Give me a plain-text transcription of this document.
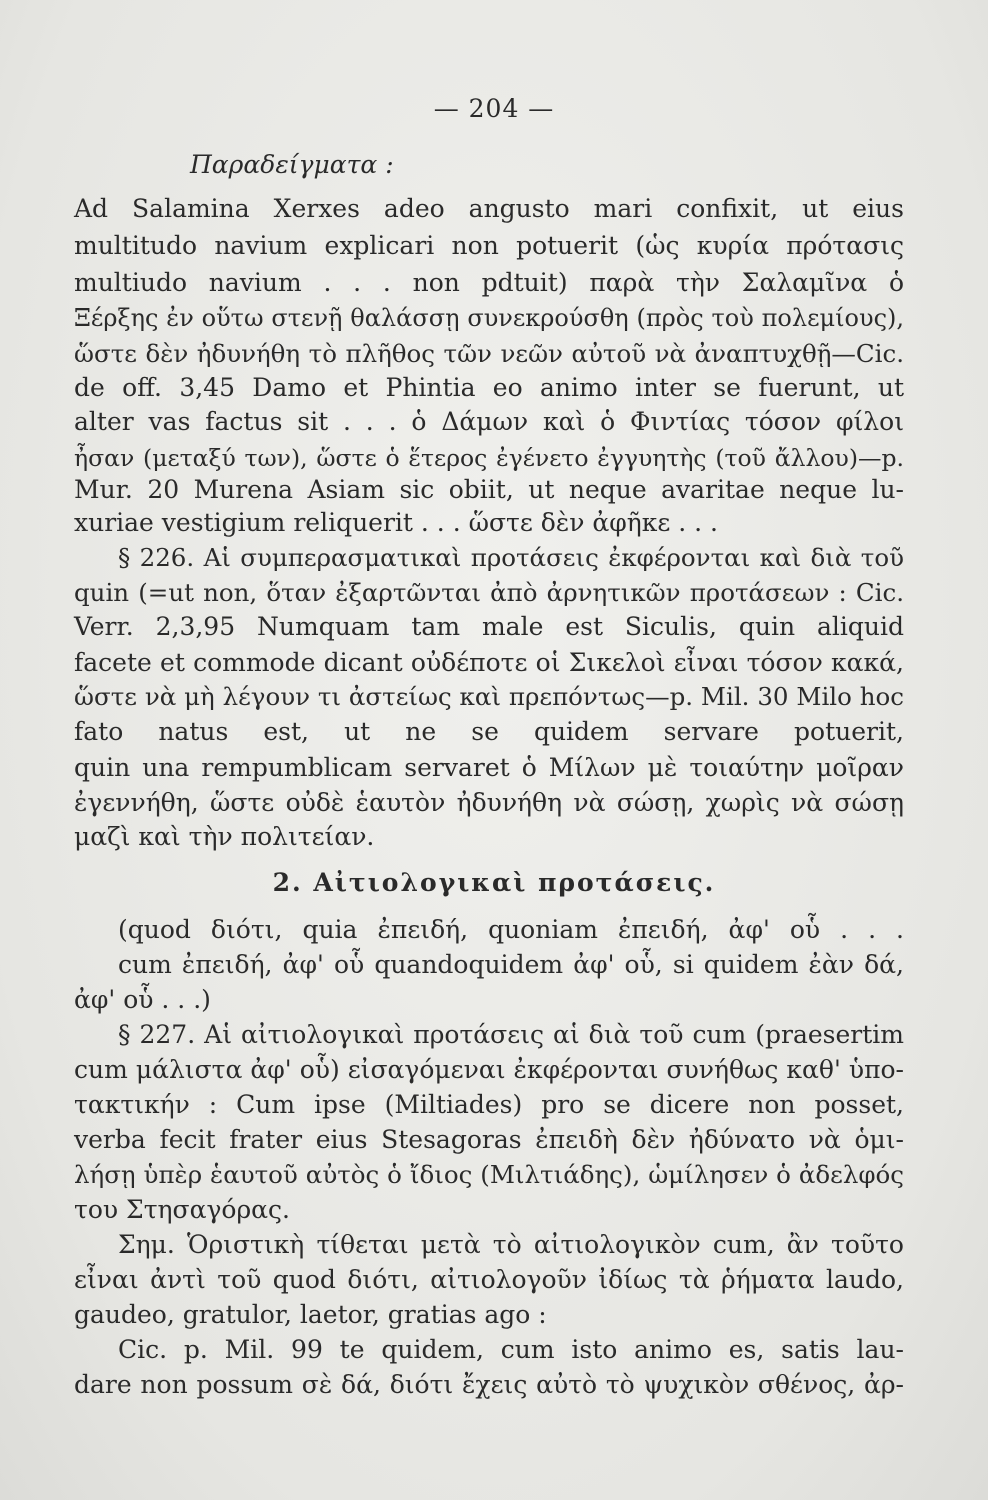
— 204 —
Παραδείγματα :
Ad Salamina Xerxes adeo angusto mari confixit, ut eius
multitudo navium explicari non potuerit (ὡς κυρία πρότασις
multiudo navium . . . non pdtuit) παρὰ τὴν Σαλαμῖνα ὁ
Ξέρξης ἐν οὕτω στενῇ θαλάσσῃ συνεκρούσθη (πρὸς τοὺ πολεμίους),
ὥστε δὲν ἠδυνήθη τὸ πλῆθος τῶν νεῶν αὐτοῦ νὰ ἀναπτυχθῇ—Cic.
de off. 3,45 Damo et Phintia eo animo inter se fuerunt, ut
alter vas factus sit . . . ὁ Δάμων καὶ ὁ Φιντίας τόσον φίλοι
ἦσαν (μεταξύ των), ὥστε ὁ ἕτερος ἐγένετο ἐγγυητὴς (τοῦ ἄλλου)—p.
Mur. 20 Murena Asiam sic obiit, ut neque avaritae neque lu-
xuriae vestigium reliquerit . . . ὥστε δὲν ἀφῆκε . . .
§ 226. Αἱ συμπερασματικαὶ προτάσεις ἐκφέρονται καὶ διὰ τοῦ
quin (=ut non, ὅταν ἐξαρτῶνται ἀπὸ ἀρνητικῶν προτάσεων : Cic.
Verr. 2,3,95 Numquam tam male est Siculis, quin aliquid
facete et commode dicant οὐδέποτε οἱ Σικελοὶ εἶναι τόσον κακά,
ὥστε νὰ μὴ λέγουν τι ἀστείως καὶ πρεπόντως—p. Mil. 30 Milo hoc
fato natus est, ut ne se quidem servare potuerit,
quin una rempumblicam servaret ὁ Μίλων μὲ τοιαύτην μοῖραν
ἐγεννήθη, ὥστε οὐδὲ ἑαυτὸν ἠδυνήθη νὰ σώσῃ, χωρὶς νὰ σώσῃ
μαζὶ καὶ τὴν πολιτείαν.
2. Αἰτιολογικαὶ προτάσεις.
(quod διότι, quia ἐπειδή, quoniam ἐπειδή, ἀφ' οὗ . . .
cum ἐπειδή, ἀφ' οὗ quandoquidem ἀφ' οὗ, si quidem ἐὰν δά,
ἀφ' οὗ . . .)
§ 227. Αἱ αἰτιολογικαὶ προτάσεις αἱ διὰ τοῦ cum (praesertim
cum μάλιστα ἀφ' οὗ) εἰσαγόμεναι ἐκφέρονται συνήθως καθ' ὑπο-
τακτικήν : Cum ipse (Miltiades) pro se dicere non posset,
verba fecit frater eius Stesagoras ἐπειδὴ δὲν ἠδύνατο νὰ ὁμι-
λήσῃ ὑπὲρ ἑαυτοῦ αὐτὸς ὁ ἴδιος (Μιλτιάδης), ὡμίλησεν ὁ ἀδελφός
του Στησαγόρας.
Σημ. Ὁριστικὴ τίθεται μετὰ τὸ αἰτιολογικὸν cum, ἂν τοῦτο
εἶναι ἀντὶ τοῦ quod διότι, αἰτιολογοῦν ἰδίως τὰ ῥήματα laudo,
gaudeo, gratulor, laetor, gratias ago :
Cic. p. Mil. 99 te quidem, cum isto animo es, satis lau-
dare non possum σὲ δά, διότι ἔχεις αὐτὸ τὸ ψυχικὸν σθένος, ἀρ-
